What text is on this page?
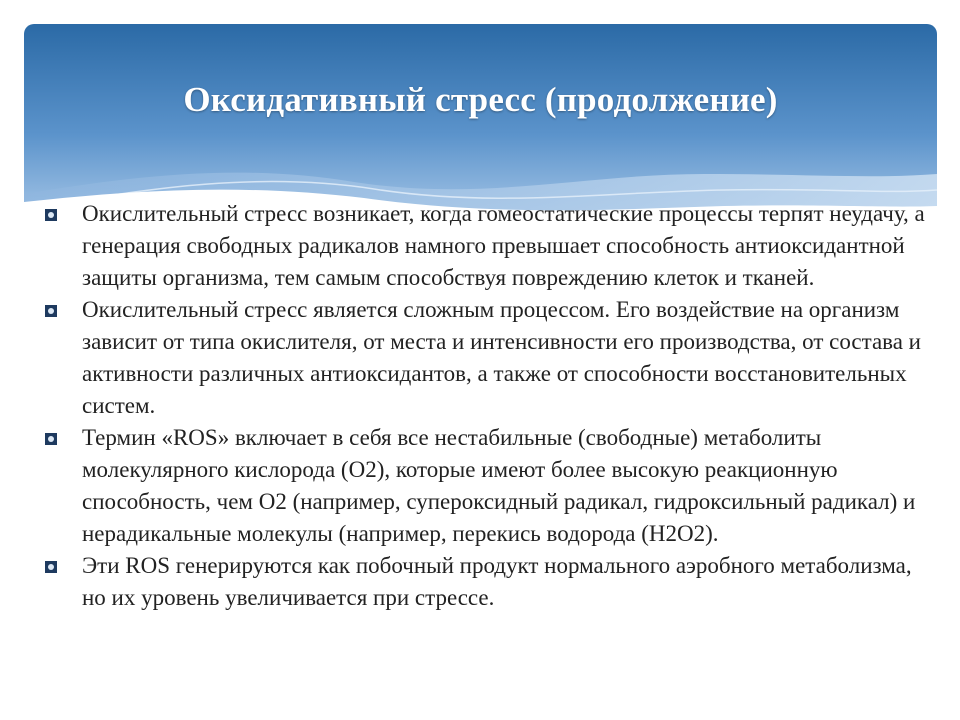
Оксидативный стресс (продолжение)
Окислительный стресс возникает, когда гомеостатические процессы терпят неудачу, а генерация свободных радикалов намного превышает способность антиоксидантной защиты организма, тем самым способствуя повреждению клеток и тканей.
Окислительный стресс является сложным процессом. Его воздействие на организм зависит от типа окислителя, от места и интенсивности его производства, от состава и активности различных антиоксидантов, а также от способности восстановительных систем.
Термин «ROS» включает в себя все нестабильные (свободные) метаболиты молекулярного кислорода (O2), которые имеют более высокую реакционную способность, чем O2 (например, супероксидный радикал, гидроксильный радикал) и нерадикальные молекулы (например, перекись водорода (H2O2).
Эти ROS генерируются как побочный продукт нормального аэробного метаболизма, но их уровень увеличивается при стрессе.
